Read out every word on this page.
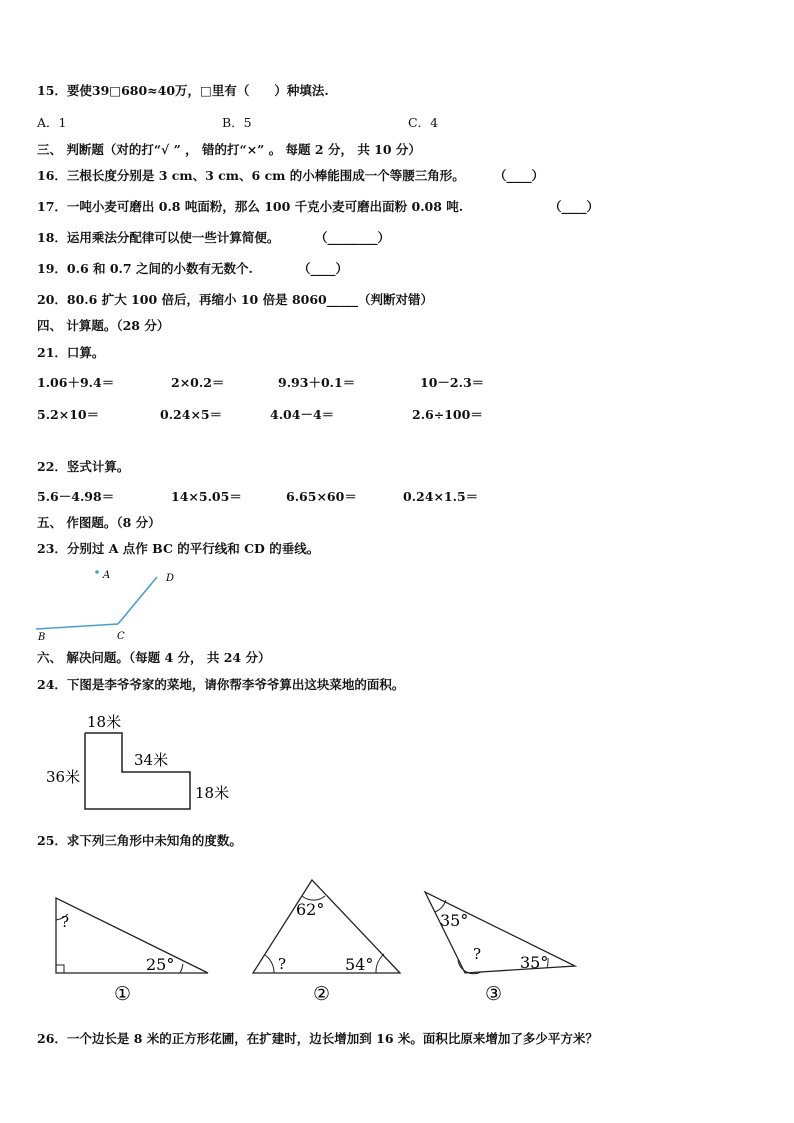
15．要使39□680≈40万，□里有（　　）种填法.
A．1	B．5	C．4
三、 判断题（对的打“√ ” ， 错的打“×” 。 每题 2 分， 共 10 分）
16．三根长度分别是 3 cm、3 cm、6 cm 的小棒能围成一个等腰三角形。 （____）
17．一吨小麦可磨出 0.8 吨面粉，那么 100 千克小麦可磨出面粉 0.08 吨.	（____）
18．运用乘法分配律可以使一些计算简便。	（________）
19．0.6 和 0.7 之间的小数有无数个.	（____）
20．80.6 扩大 100 倍后，再缩小 10 倍是 8060_____（判断对错）
四、 计算题。（28 分）
21．口算。
1.06＋9.4＝	2×0.2＝	9.93＋0.1＝	10－2.3＝
5.2×10＝	0.24×5＝	4.04－4＝	2.6÷100＝
22．竖式计算。
5.6－4.98＝	14×5.05＝	6.65×60＝	0.24×1.5＝
五、 作图题。（8 分）
23．分别过 A 点作 BC 的平行线和 CD 的垂线。
A
B	C
D
六、 解决问题。（每题 4 分， 共 24 分）
24．下图是李爷爷家的菜地，请你帮李爷爷算出这块菜地的面积。
18米
34米
36米
18米
25．求下列三角形中未知角的度数。
?
25°
①
62°
?	54°
②
35°
? 35°
③
26．一个边长是 8 米的正方形花圃，在扩建时，边长增加到 16 米。面积比原来增加了多少平方米？
